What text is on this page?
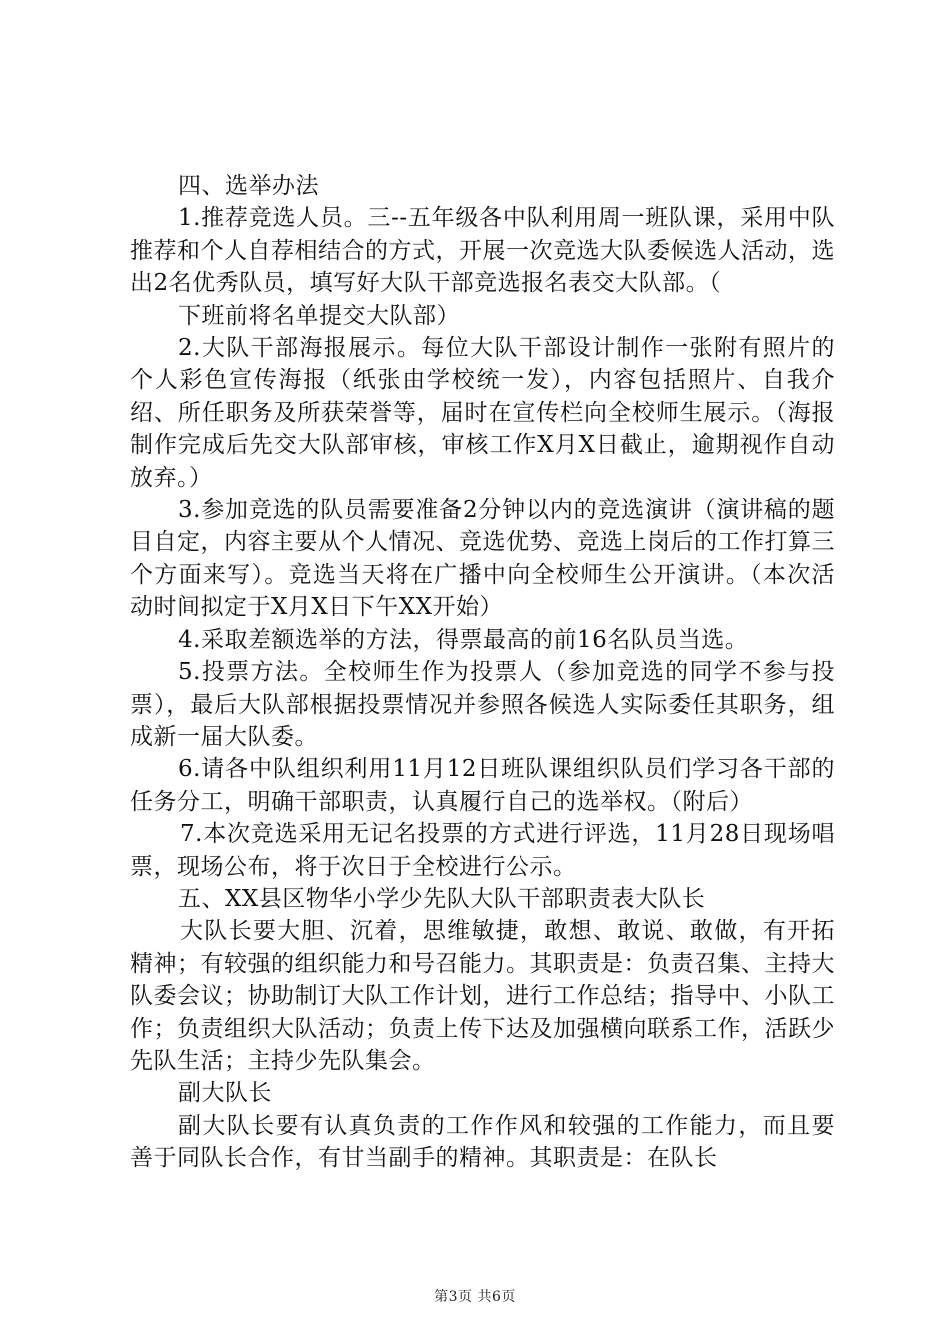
四、选举办法

1.推荐竞选人员。三--五年级各中队利用周一班队课，采用中队推荐和个人自荐相结合的方式，开展一次竞选大队委候选人活动，选出2名优秀队员，填写好大队干部竞选报名表交大队部。（

下班前将名单提交大队部）

2.大队干部海报展示。每位大队干部设计制作一张附有照片的个人彩色宣传海报（纸张由学校统一发），内容包括照片、自我介绍、所任职务及所获荣誉等，届时在宣传栏向全校师生展示。（海报制作完成后先交大队部审核，审核工作X月X日截止，逾期视作自动放弃。）

3.参加竞选的队员需要准备2分钟以内的竞选演讲（演讲稿的题目自定，内容主要从个人情况、竞选优势、竞选上岗后的工作打算三个方面来写）。竞选当天将在广播中向全校师生公开演讲。（本次活动时间拟定于X月X日下午XX开始）

4.采取差额选举的方法，得票最高的前16名队员当选。

5.投票方法。全校师生作为投票人（参加竞选的同学不参与投票），最后大队部根据投票情况并参照各候选人实际委任其职务，组成新一届大队委。

6.请各中队组织利用11月12日班队课组织队员们学习各干部的任务分工，明确干部职责，认真履行自己的选举权。（附后）

7.本次竞选采用无记名投票的方式进行评选，11月28日现场唱票，现场公布，将于次日于全校进行公示。

五、XX县区物华小学少先队大队干部职责表大队长

大队长要大胆、沉着，思维敏捷，敢想、敢说、敢做，有开拓精神；有较强的组织能力和号召能力。其职责是：负责召集、主持大队委会议；协助制订大队工作计划，进行工作总结；指导中、小队工作；负责组织大队活动；负责上传下达及加强横向联系工作，活跃少先队生活；主持少先队集会。

副大队长

副大队长要有认真负责的工作作风和较强的工作能力，而且要善于同队长合作，有甘当副手的精神。其职责是：在队长

第3页 共6页
